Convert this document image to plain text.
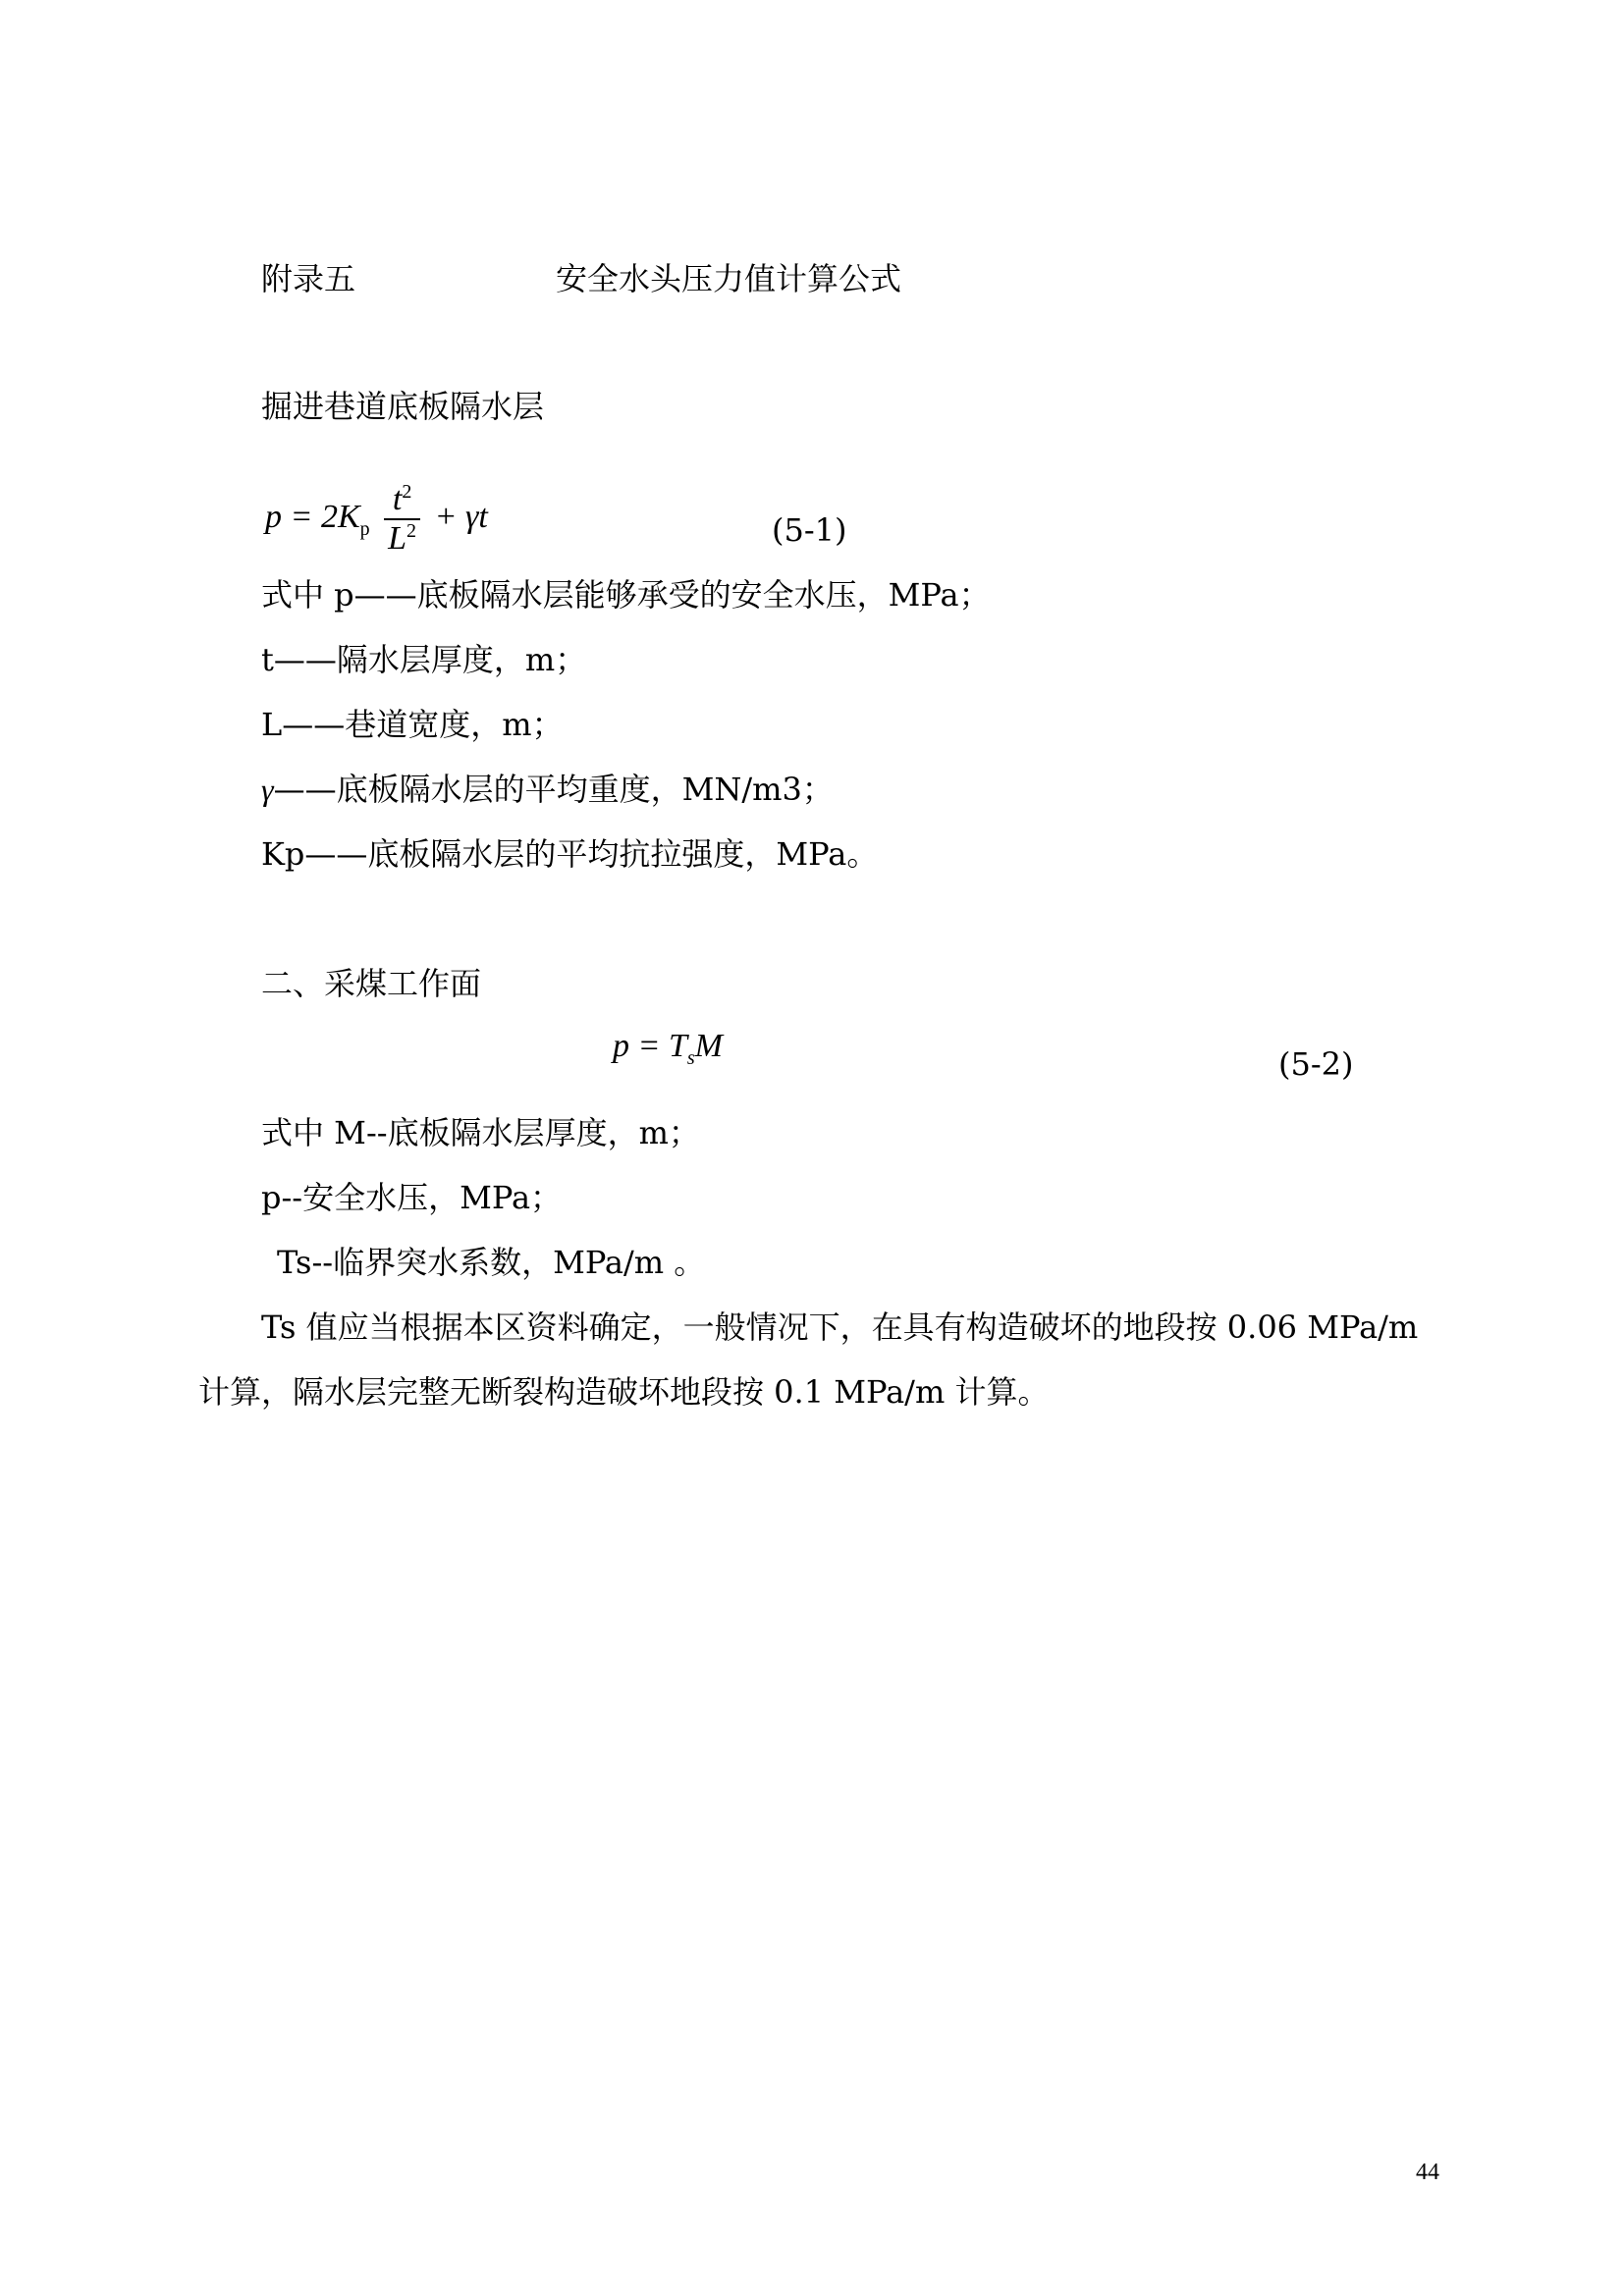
附录五	安全水头压力值计算公式
掘进巷道底板隔水层
$p = 2K_p \frac{t^2}{L^2} + \gamma t$	(5-1)
式中 p——底板隔水层能够承受的安全水压，MPa；
t——隔水层厚度，m；
L——巷道宽度，m；
γ——底板隔水层的平均重度，MN/m3；
Kp——底板隔水层的平均抗拉强度，MPa。
二、采煤工作面
$p = T_sM$	(5-2)
式中 M--底板隔水层厚度，m；
p--安全水压，MPa；
Ts--临界突水系数，MPa/m 。
Ts 值应当根据本区资料确定，一般情况下，在具有构造破坏的地段按 0.06 MPa/m
计算，隔水层完整无断裂构造破坏地段按 0.1 MPa/m 计算。
44
